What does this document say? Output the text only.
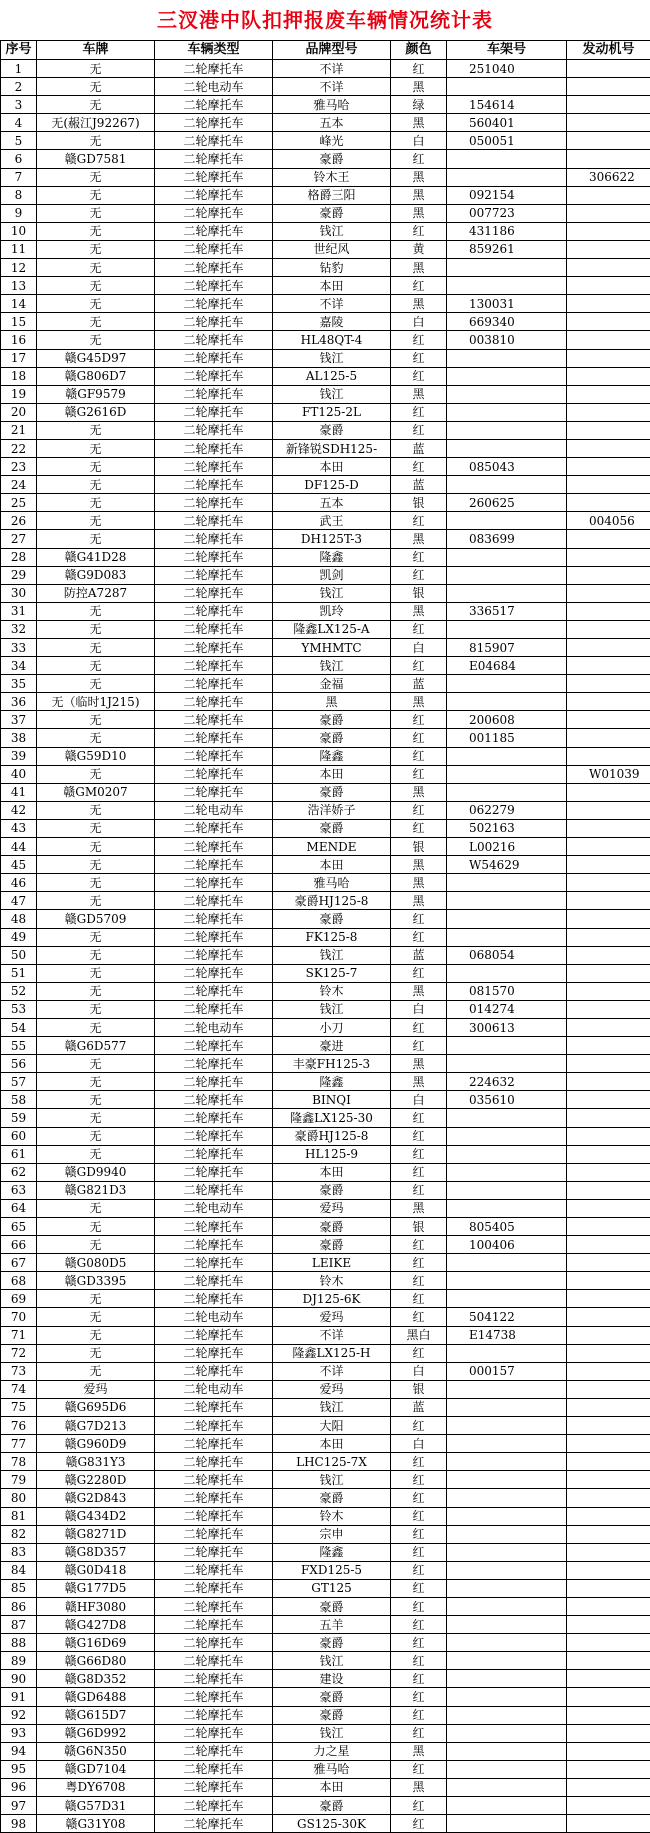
三汊港中队扣押报废车辆情况统计表
序号	车牌	车辆类型	品牌型号	颜色	车架号	发动机号
1	无	二轮摩托车	不详	红	251040	
2	无	二轮电动车	不详	黑		
3	无	二轮摩托车	雅马哈	绿	154614	
4	无(赧江J92267)	二轮摩托车	五本	黑	560401	
5	无	二轮摩托车	峰光	白	050051	
6	赣GD7581	二轮摩托车	豪爵	红		
7	无	二轮摩托车	铃木王	黑		306622
8	无	二轮摩托车	格爵三阳	黑	092154	
9	无	二轮摩托车	豪爵	黑	007723	
10	无	二轮摩托车	钱江	红	431186	
11	无	二轮摩托车	世纪风	黄	859261	
12	无	二轮摩托车	钻豹	黑		
13	无	二轮摩托车	本田	红		
14	无	二轮摩托车	不详	黑	130031	
15	无	二轮摩托车	嘉陵	白	669340	
16	无	二轮摩托车	HL48QT-4	红	003810	
17	赣G45D97	二轮摩托车	钱江	红		
18	赣G806D7	二轮摩托车	AL125-5	红		
19	赣GF9579	二轮摩托车	钱江	黑		
20	赣G2616D	二轮摩托车	FT125-2L	红		
21	无	二轮摩托车	豪爵	红		
22	无	二轮摩托车	新锋锐SDH125-	蓝		
23	无	二轮摩托车	本田	红	085043	
24	无	二轮摩托车	DF125-D	蓝		
25	无	二轮摩托车	五本	银	260625	
26	无	二轮摩托车	武王	红		004056
27	无	二轮摩托车	DH125T-3	黑	083699	
28	赣G41D28	二轮摩托车	隆鑫	红		
29	赣G9D083	二轮摩托车	凯剑	红		
30	防控A7287	二轮摩托车	钱江	银		
31	无	二轮摩托车	凯玲	黑	336517	
32	无	二轮摩托车	隆鑫LX125-A	红		
33	无	二轮摩托车	YMHMTC	白	815907	
34	无	二轮摩托车	钱江	红	E04684	
35	无	二轮摩托车	金福	蓝		
36	无（临时1J215)	二轮摩托车	黑	黑		
37	无	二轮摩托车	豪爵	红	200608	
38	无	二轮摩托车	豪爵	红	001185	
39	赣G59D10	二轮摩托车	隆鑫	红		
40	无	二轮摩托车	本田	红		W01039
41	赣GM0207	二轮摩托车	豪爵	黑		
42	无	二轮电动车	浩洋娇子	红	062279	
43	无	二轮摩托车	豪爵	红	502163	
44	无	二轮摩托车	MENDE	银	L00216	
45	无	二轮摩托车	本田	黑	W54629	
46	无	二轮摩托车	雅马哈	黑		
47	无	二轮摩托车	豪爵HJ125-8	黑		
48	赣GD5709	二轮摩托车	豪爵	红		
49	无	二轮摩托车	FK125-8	红		
50	无	二轮摩托车	钱江	蓝	068054	
51	无	二轮摩托车	SK125-7	红		
52	无	二轮摩托车	铃木	黑	081570	
53	无	二轮摩托车	钱江	白	014274	
54	无	二轮电动车	小刀	红	300613	
55	赣G6D577	二轮摩托车	豪进	红		
56	无	二轮摩托车	丰豪FH125-3	黑		
57	无	二轮摩托车	隆鑫	黑	224632	
58	无	二轮摩托车	BINQI	白	035610	
59	无	二轮摩托车	隆鑫LX125-30	红		
60	无	二轮摩托车	豪爵HJ125-8	红		
61	无	二轮摩托车	HL125-9	红		
62	赣GD9940	二轮摩托车	本田	红		
63	赣G821D3	二轮摩托车	豪爵	红		
64	无	二轮电动车	爱玛	黑		
65	无	二轮摩托车	豪爵	银	805405	
66	无	二轮摩托车	豪爵	红	100406	
67	赣G080D5	二轮摩托车	LEIKE	红		
68	赣GD3395	二轮摩托车	铃木	红		
69	无	二轮摩托车	DJ125-6K	红		
70	无	二轮电动车	爱玛	红	504122	
71	无	二轮摩托车	不详	黑白	E14738	
72	无	二轮摩托车	隆鑫LX125-H	红		
73	无	二轮摩托车	不详	白	000157	
74	爱玛	二轮电动车	爱玛	银		
75	赣G695D6	二轮摩托车	钱江	蓝		
76	赣G7D213	二轮摩托车	大阳	红		
77	赣G960D9	二轮摩托车	本田	白		
78	赣G831Y3	二轮摩托车	LHC125-7X	红		
79	赣G2280D	二轮摩托车	钱江	红		
80	赣G2D843	二轮摩托车	豪爵	红		
81	赣G434D2	二轮摩托车	铃木	红		
82	赣G8271D	二轮摩托车	宗申	红		
83	赣G8D357	二轮摩托车	隆鑫	红		
84	赣G0D418	二轮摩托车	FXD125-5	红		
85	赣G177D5	二轮摩托车	GT125	红		
86	赣HF3080	二轮摩托车	豪爵	红		
87	赣G427D8	二轮摩托车	五羊	红		
88	赣G16D69	二轮摩托车	豪爵	红		
89	赣G66D80	二轮摩托车	钱江	红		
90	赣G8D352	二轮摩托车	建设	红		
91	赣GD6488	二轮摩托车	豪爵	红		
92	赣G615D7	二轮摩托车	豪爵	红		
93	赣G6D992	二轮摩托车	钱江	红		
94	赣G6N350	二轮摩托车	力之星	黑		
95	赣GD7104	二轮摩托车	雅马哈	红		
96	粤DY6708	二轮摩托车	本田	黑		
97	赣G57D31	二轮摩托车	豪爵	红		
98	赣G31Y08	二轮摩托车	GS125-30K	红		
